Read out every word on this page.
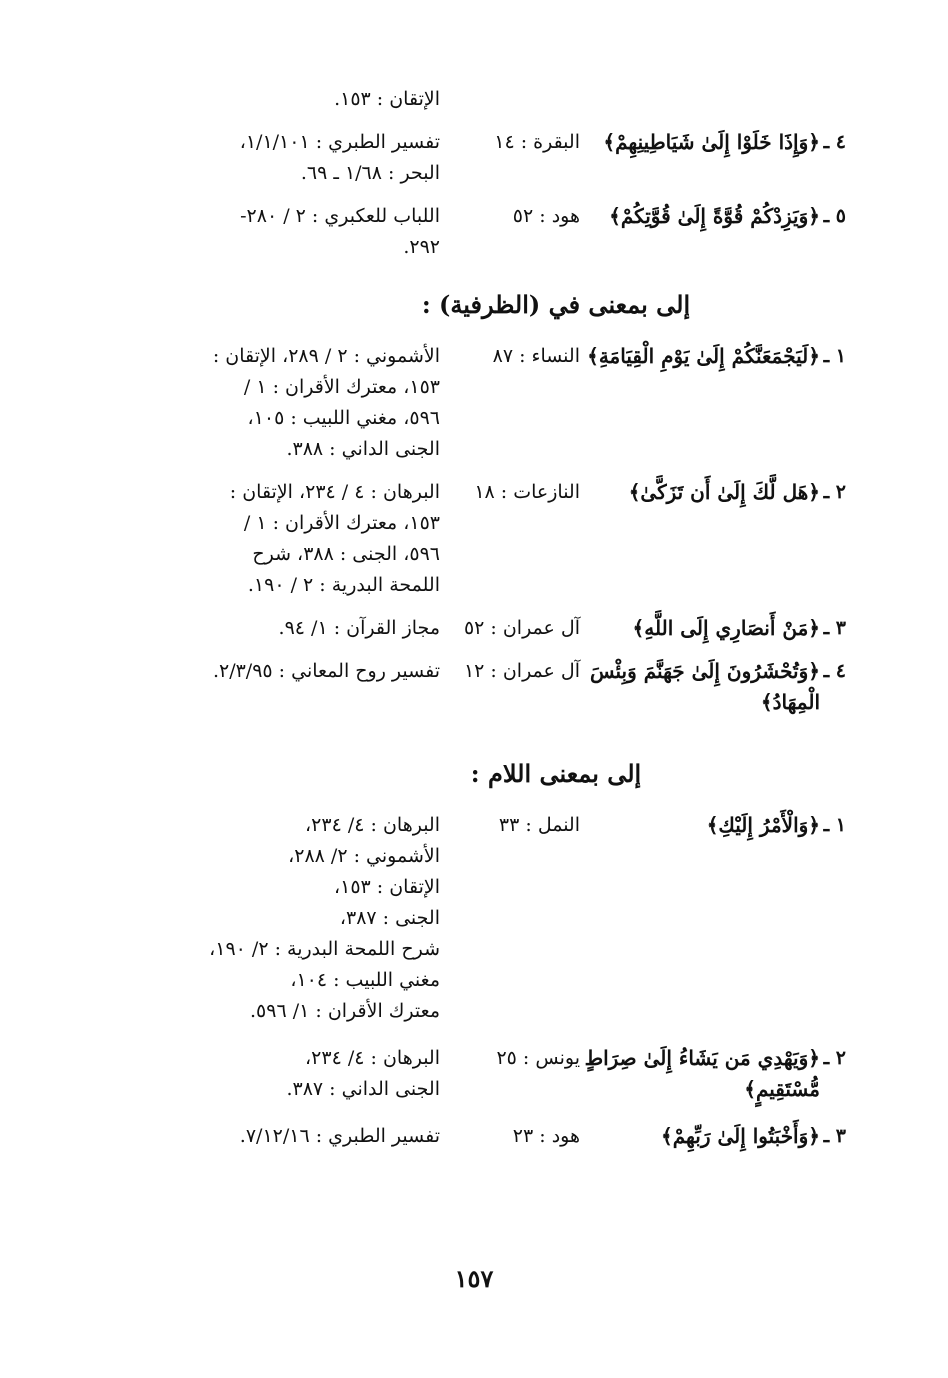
الإتقان : ١٥٣.
٤ ـ
﴿وَإِذَا خَلَوْا إِلَىٰ شَيَاطِينِهِمْ﴾
البقرة : ١٤
تفسير الطبري : ١/١/١٠١،
البحر : ١/٦٨ ـ ٦٩.
٥ ـ
﴿وَيَزِدْكُمْ قُوَّةً إِلَىٰ قُوَّتِكُمْ﴾
هود : ٥٢
اللباب للعكبري : ٢ / ٢٨٠-
٢٩٢.
إلى بمعنى في (الظرفية) :
١ ـ
﴿لَيَجْمَعَنَّكُمْ إِلَىٰ يَوْمِ الْقِيَامَةِ﴾
النساء : ٨٧
الأشموني : ٢ / ٢٨٩، الإتقان :
١٥٣، معترك الأقران : ١ /
٥٩٦، مغني اللبيب : ١٠٥،
الجنى الداني : ٣٨٨.
٢ ـ
﴿هَل لَّكَ إِلَىٰ أَن تَزَكَّىٰ﴾
النازعات : ١٨
البرهان : ٤ / ٢٣٤، الإتقان :
١٥٣، معترك الأقران : ١ /
٥٩٦، الجنى : ٣٨٨، شرح
اللمحة البدرية : ٢ / ١٩٠.
٣ ـ
﴿مَنْ أَنصَارِي إِلَى اللَّهِ﴾
آل عمران : ٥٢
مجاز القرآن : ١/ ٩٤.
٤ ـ
﴿وَتُحْشَرُونَ إِلَىٰ جَهَنَّمَ وَبِئْسَ الْمِهَادُ﴾
آل عمران : ١٢
تفسير روح المعاني : ٢/٣/٩٥.
إلى بمعنى اللام :
١ ـ
﴿وَالْأَمْرُ إِلَيْكِ﴾
النمل : ٣٣
البرهان : ٤/ ٢٣٤،
الأشموني : ٢/ ٢٨٨،
الإتقان : ١٥٣،
الجنى : ٣٨٧،
شرح اللمحة البدرية : ٢/ ١٩٠،
مغني اللبيب : ١٠٤،
معترك الأقران : ١/ ٥٩٦.
٢ ـ
﴿وَيَهْدِي مَن يَشَاءُ إِلَىٰ صِرَاطٍ مُّسْتَقِيمٍ﴾
يونس : ٢٥
البرهان : ٤/ ٢٣٤،
الجنى الداني : ٣٨٧.
٣ ـ
﴿وَأَخْبَتُوا إِلَىٰ رَبِّهِمْ﴾
هود : ٢٣
تفسير الطبري : ٧/١٢/١٦.
١٥٧
